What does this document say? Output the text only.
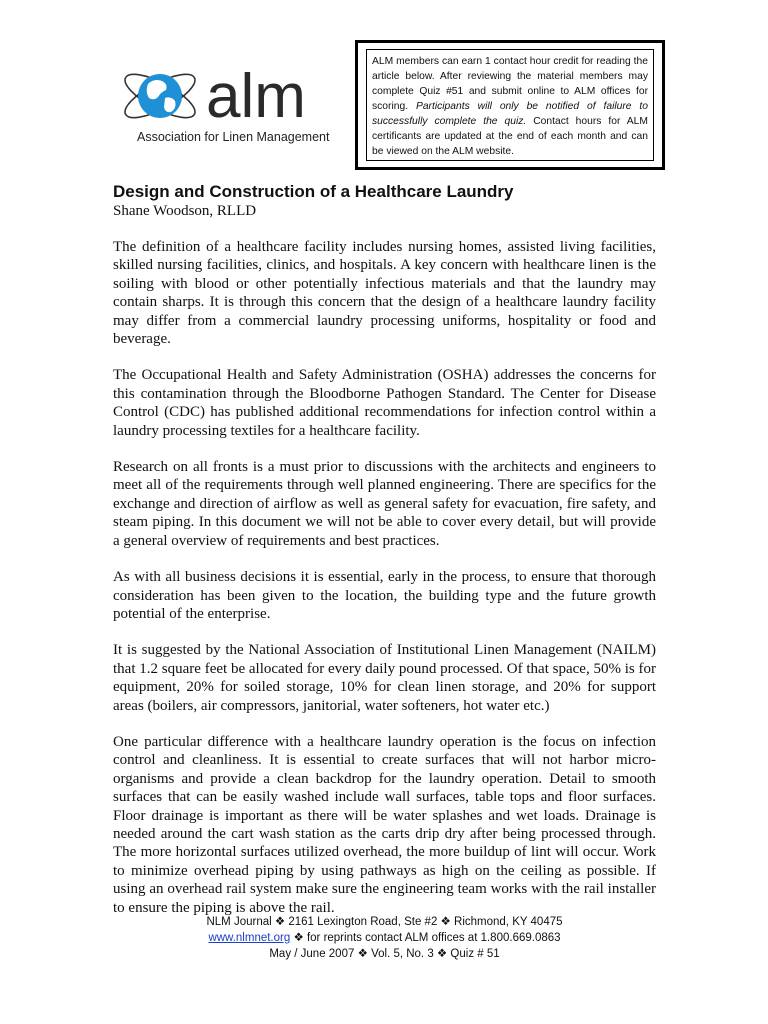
alm
Association for Linen Management
ALM members can earn 1 contact hour credit for reading the article below. After reviewing the material members may complete Quiz #51 and submit online to ALM offices for scoring. Participants will only be notified of failure to successfully complete the quiz. Contact hours for ALM certificants are updated at the end of each month and can be viewed on the ALM website.
Design and Construction of a Healthcare Laundry
Shane Woodson, RLLD

The definition of a healthcare facility includes nursing homes, assisted living facilities, skilled nursing facilities, clinics, and hospitals. A key concern with healthcare linen is the soiling with blood or other potentially infectious materials and that the laundry may contain sharps. It is through this concern that the design of a healthcare laundry facility may differ from a commercial laundry processing uniforms, hospitality or food and beverage.

The Occupational Health and Safety Administration (OSHA) addresses the concerns for this contamination through the Bloodborne Pathogen Standard. The Center for Disease Control (CDC) has published additional recommendations for infection control within a laundry processing textiles for a healthcare facility.

Research on all fronts is a must prior to discussions with the architects and engineers to meet all of the requirements through well planned engineering. There are specifics for the exchange and direction of airflow as well as general safety for evacuation, fire safety, and steam piping. In this document we will not be able to cover every detail, but will provide a general overview of requirements and best practices.

As with all business decisions it is essential, early in the process, to ensure that thorough consideration has been given to the location, the building type and the future growth potential of the enterprise.

It is suggested by the National Association of Institutional Linen Management (NAILM) that 1.2 square feet be allocated for every daily pound processed. Of that space, 50% is for equipment, 20% for soiled storage, 10% for clean linen storage, and 20% for support areas (boilers, air compressors, janitorial, water softeners, hot water etc.)

One particular difference with a healthcare laundry operation is the focus on infection control and cleanliness. It is essential to create surfaces that will not harbor micro-organisms and provide a clean backdrop for the laundry operation. Detail to smooth surfaces that can be easily washed include wall surfaces, table tops and floor surfaces. Floor drainage is important as there will be water splashes and wet loads. Drainage is needed around the cart wash station as the carts drip dry after being processed through. The more horizontal surfaces utilized overhead, the more buildup of lint will occur. Work to minimize overhead piping by using pathways as high on the ceiling as possible. If using an overhead rail system make sure the engineering team works with the rail installer to ensure the piping is above the rail.

NLM Journal ❖ 2161 Lexington Road, Ste #2 ❖ Richmond, KY 40475
www.nlmnet.org ❖ for reprints contact ALM offices at 1.800.669.0863
May / June 2007 ❖ Vol. 5, No. 3 ❖ Quiz # 51
